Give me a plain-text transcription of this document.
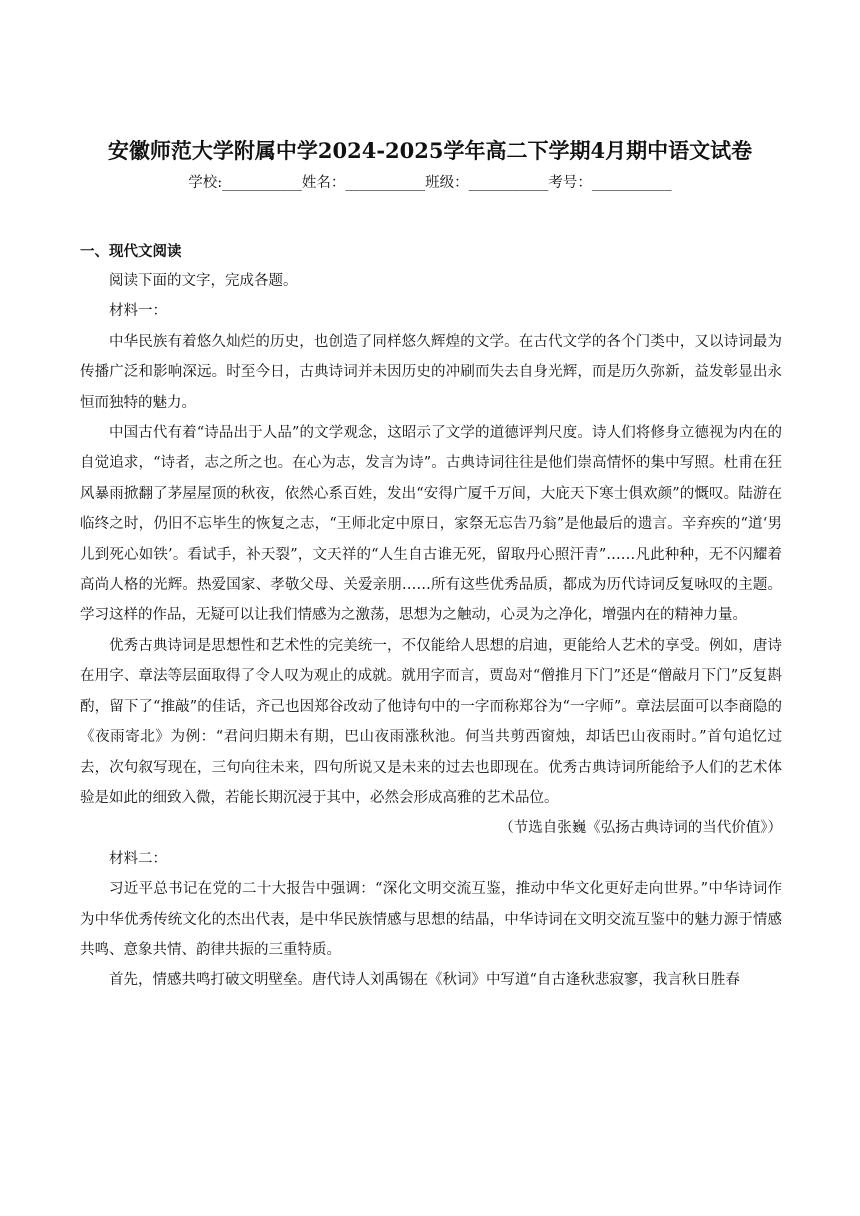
安徽师范大学附属中学2024-2025学年高二下学期4月期中语文试卷
学校:___________姓名：___________班级：___________考号：___________
一、现代文阅读

阅读下面的文字，完成各题。

材料一：

中华民族有着悠久灿烂的历史，也创造了同样悠久辉煌的文学。在古代文学的各个门类中，又以诗词最为传播广泛和影响深远。时至今日，古典诗词并未因历史的冲刷而失去自身光辉，而是历久弥新，益发彰显出永恒而独特的魅力。

中国古代有着“诗品出于人品”的文学观念，这昭示了文学的道德评判尺度。诗人们将修身立德视为内在的自觉追求，“诗者，志之所之也。在心为志，发言为诗”。古典诗词往往是他们崇高情怀的集中写照。杜甫在狂风暴雨掀翻了茅屋屋顶的秋夜，依然心系百姓，发出“安得广厦千万间，大庇天下寒士俱欢颜”的慨叹。陆游在临终之时，仍旧不忘毕生的恢复之志，“王师北定中原日，家祭无忘告乃翁”是他最后的遗言。辛弃疾的“道‘男儿到死心如铁’。看试手，补天裂”，文天祥的“人生自古谁无死，留取丹心照汗青”……凡此种种，无不闪耀着高尚人格的光辉。热爱国家、孝敬父母、关爱亲朋……所有这些优秀品质，都成为历代诗词反复咏叹的主题。学习这样的作品，无疑可以让我们情感为之激荡，思想为之触动，心灵为之净化，增强内在的精神力量。

优秀古典诗词是思想性和艺术性的完美统一，不仅能给人思想的启迪，更能给人艺术的享受。例如，唐诗在用字、章法等层面取得了令人叹为观止的成就。就用字而言，贾岛对“僧推月下门”还是“僧敲月下门”反复斟酌，留下了“推敲”的佳话，齐己也因郑谷改动了他诗句中的一字而称郑谷为“一字师”。章法层面可以李商隐的《夜雨寄北》为例：“君问归期未有期，巴山夜雨涨秋池。何当共剪西窗烛，却话巴山夜雨时。”首句追忆过去，次句叙写现在，三句向往未来，四句所说又是未来的过去也即现在。优秀古典诗词所能给予人们的艺术体验是如此的细致入微，若能长期沉浸于其中，必然会形成高雅的艺术品位。

（节选自张巍《弘扬古典诗词的当代价值》）

材料二：

习近平总书记在党的二十大报告中强调：“深化文明交流互鉴，推动中华文化更好走向世界。”中华诗词作为中华优秀传统文化的杰出代表，是中华民族情感与思想的结晶，中华诗词在文明交流互鉴中的魅力源于情感共鸣、意象共情、韵律共振的三重特质。

首先，情感共鸣打破文明壁垒。唐代诗人刘禹锡在《秋词》中写道“自古逢秋悲寂寥，我言秋日胜春
